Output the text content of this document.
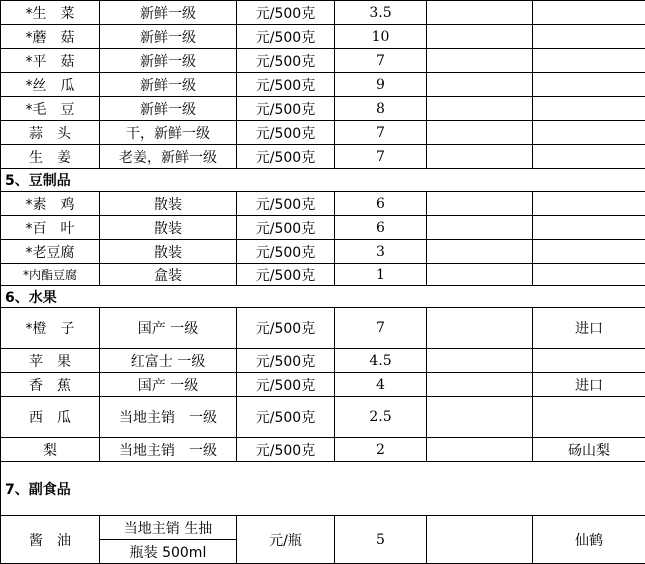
*生　菜	新鲜一级	元/500克	3.5		
*蘑　菇	新鲜一级	元/500克	10		
*平　菇	新鲜一级	元/500克	7		
*丝　瓜	新鲜一级	元/500克	9		
*毛　豆	新鲜一级	元/500克	8		
蒜　头	干，新鲜一级	元/500克	7		
生　姜	老姜，新鲜一级	元/500克	7		
5、豆制品					
*素　鸡	散装	元/500克	6		
*百　叶	散装	元/500克	6		
*老豆腐	散装	元/500克	3		
*内酯豆腐	盒装	元/500克	1		
6、水果					
*橙　子	国产 一级	元/500克	7		进口
苹　果	红富士 一级	元/500克	4.5		
香　蕉	国产 一级	元/500克	4		进口
西　瓜	当地主销　一级	元/500克	2.5		
梨	当地主销　一级	元/500克	2		砀山梨
7、副食品					
酱　油	当地主销 生抽	元/瓶	5		仙鹤
	瓶装 500ml				
